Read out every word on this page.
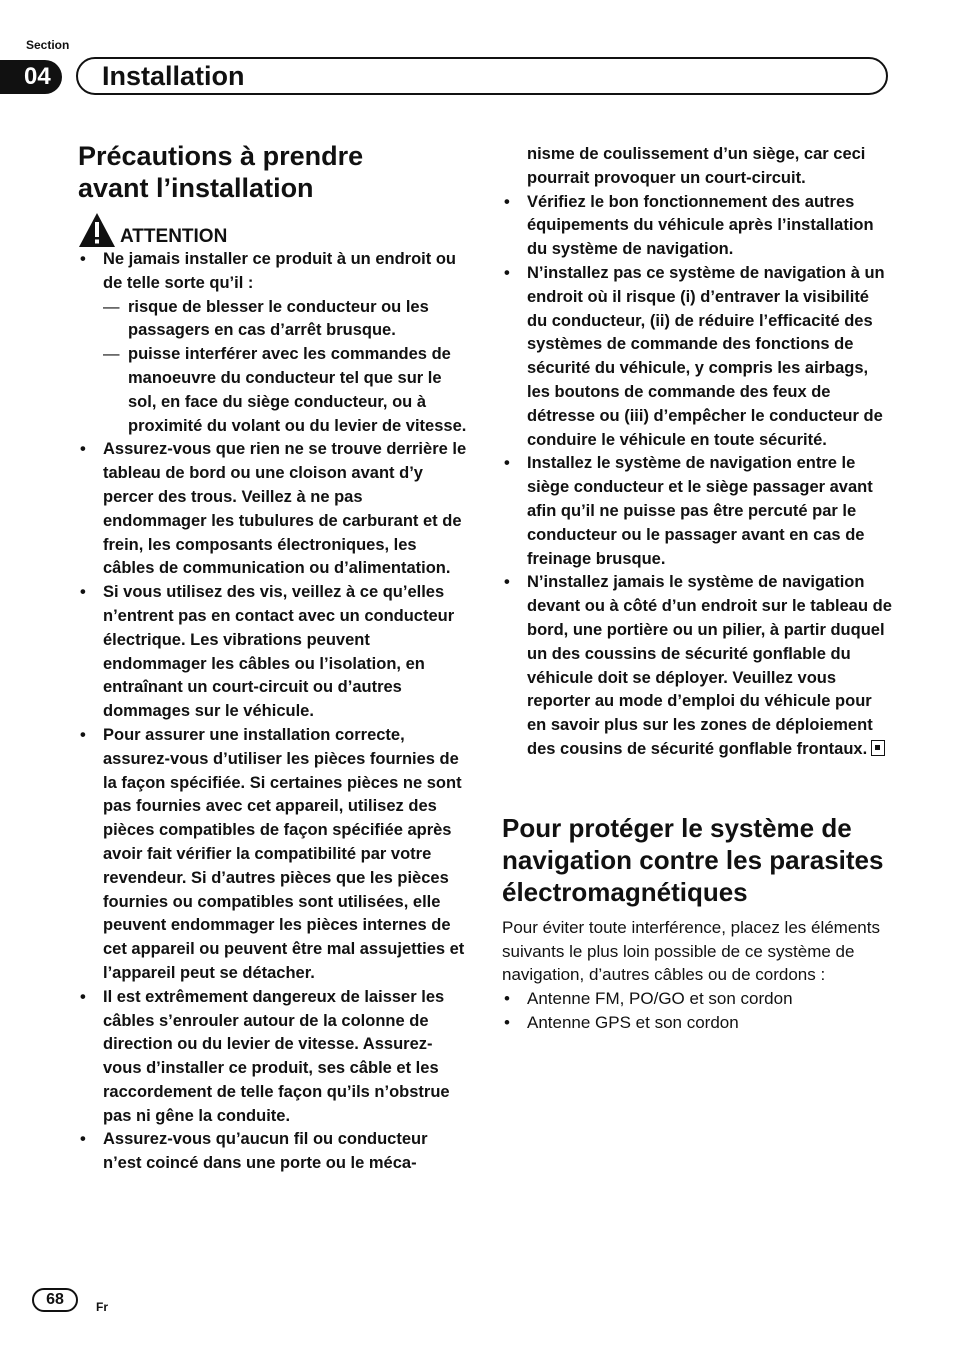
Section
04	Installation
Précautions à prendre
avant l’installation
ATTENTION
• Ne jamais installer ce produit à un endroit ou de telle sorte qu’il :
— risque de blesser le conducteur ou les passagers en cas d’arrêt brusque.
— puisse interférer avec les commandes de manoeuvre du conducteur tel que sur le sol, en face du siège conducteur, ou à proximité du volant ou du levier de vitesse.
• Assurez-vous que rien ne se trouve derrière le tableau de bord ou une cloison avant d’y percer des trous. Veillez à ne pas endommager les tubulures de carburant et de frein, les composants électroniques, les câbles de communication ou d’alimentation.
• Si vous utilisez des vis, veillez à ce qu’elles n’entrent pas en contact avec un conducteur électrique. Les vibrations peuvent endommager les câbles ou l’isolation, en entraînant un court-circuit ou d’autres dommages sur le véhicule.
• Pour assurer une installation correcte, assurez-vous d’utiliser les pièces fournies de la façon spécifiée. Si certaines pièces ne sont pas fournies avec cet appareil, utilisez des pièces compatibles de façon spécifiée après avoir fait vérifier la compatibilité par votre revendeur. Si d’autres pièces que les pièces fournies ou compatibles sont utilisées, elle peuvent endommager les pièces internes de cet appareil ou peuvent être mal assujetties et l’appareil peut se détacher.
• Il est extrêmement dangereux de laisser les câbles s’enrouler autour de la colonne de direction ou du levier de vitesse. Assurez-vous d’installer ce produit, ses câble et les raccordement de telle façon qu’ils n’obstrue pas ni gêne la conduite.
• Assurez-vous qu’aucun fil ou conducteur n’est coincé dans une porte ou le méca-
nisme de coulissement d’un siège, car ceci pourrait provoquer un court-circuit.
• Vérifiez le bon fonctionnement des autres équipements du véhicule après l’installation du système de navigation.
• N’installez pas ce système de navigation à un endroit où il risque (i) d’entraver la visibilité du conducteur, (ii) de réduire l’efficacité des systèmes de commande des fonctions de sécurité du véhicule, y compris les airbags, les boutons de commande des feux de détresse ou (iii) d’empêcher le conducteur de conduire le véhicule en toute sécurité.
• Installez le système de navigation entre le siège conducteur et le siège passager avant afin qu’il ne puisse pas être percuté par le conducteur ou le passager avant en cas de freinage brusque.
• N’installez jamais le système de navigation devant ou à côté d’un endroit sur le tableau de bord, une portière ou un pilier, à partir duquel un des coussins de sécurité gonflable du véhicule doit se déployer. Veuillez vous reporter au mode d’emploi du véhicule pour en savoir plus sur les zones de déploiement des cousins de sécurité gonflable frontaux.
Pour protéger le système de navigation contre les parasites électromagnétiques
Pour éviter toute interférence, placez les éléments suivants le plus loin possible de ce système de navigation, d’autres câbles ou de cordons :
• Antenne FM, PO/GO et son cordon
• Antenne GPS et son cordon
68	Fr
